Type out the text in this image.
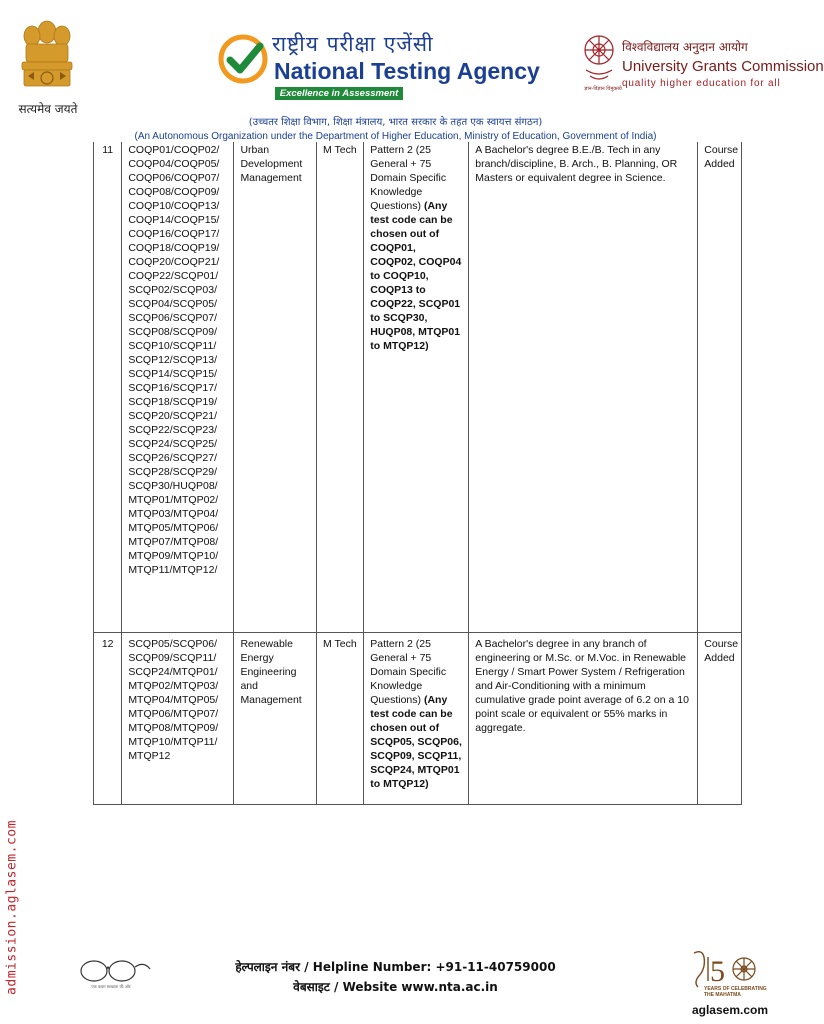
सत्यमेव जयते
राष्ट्रीय परीक्षा एजेंसी
National Testing Agency
Excellence in Assessment	ज्ञान-विज्ञान विमुक्तये
विश्वविद्यालय अनुदान आयोग
University Grants Commission
quality higher education for all
(उच्चतर शिक्षा विभाग, शिक्षा मंत्रालय, भारत सरकार के तहत एक स्वायत्त संगठन)
(An Autonomous Organization under the Department of Higher Education, Ministry of Education, Government of India)
11	COQP01/COQP02/ COQP04/COQP05/ COQP06/COQP07/ COQP08/COQP09/ COQP10/COQP13/ COQP14/COQP15/ COQP16/COQP17/ COQP18/COQP19/ COQP20/COQP21/ COQP22/SCQP01/ SCQP02/SCQP03/ SCQP04/SCQP05/ SCQP06/SCQP07/ SCQP08/SCQP09/ SCQP10/SCQP11/ SCQP12/SCQP13/ SCQP14/SCQP15/ SCQP16/SCQP17/ SCQP18/SCQP19/ SCQP20/SCQP21/ SCQP22/SCQP23/ SCQP24/SCQP25/ SCQP26/SCQP27/ SCQP28/SCQP29/ SCQP30/HUQP08/ MTQP01/MTQP02/ MTQP03/MTQP04/ MTQP05/MTQP06/ MTQP07/MTQP08/ MTQP09/MTQP10/ MTQP11/MTQP12/	Urban Development Management	M Tech	Pattern 2 (25 General + 75 Domain Specific Knowledge Questions) (Any test code can be chosen out of COQP01, COQP02, COQP04 to COQP10, COQP13 to COQP22, SCQP01 to SCQP30, HUQP08, MTQP01 to MTQP12)	A Bachelor's degree B.E./B. Tech in any branch/discipline, B. Arch., B. Planning, OR Masters or equivalent degree in Science.	Course Added
12	SCQP05/SCQP06/ SCQP09/SCQP11/ SCQP24/MTQP01/ MTQP02/MTQP03/ MTQP04/MTQP05/ MTQP06/MTQP07/ MTQP08/MTQP09/ MTQP10/MTQP11/ MTQP12	Renewable Energy Engineering and Management	M Tech	Pattern 2 (25 General + 75 Domain Specific Knowledge Questions) (Any test code can be chosen out of SCQP05, SCQP06, SCQP09, SCQP11, SCQP24, MTQP01 to MTQP12)	A Bachelor's degree in any branch of engineering or M.Sc. or M.Voc. in Renewable Energy / Smart Power System / Refrigeration and Air-Conditioning with a minimum cumulative grade point average of 6.2 on a 10 point scale or equivalent or 55% marks in aggregate.	Course Added
admission.aglasem.com	एक कदम स्वच्छता की ओर
हेल्पलाइन नंबर / Helpline Number: +91-11-40759000
वेबसाइट / Website www.nta.ac.in	5
YEARS OF CELEBRATING THE MAHATMA
aglasem.com
